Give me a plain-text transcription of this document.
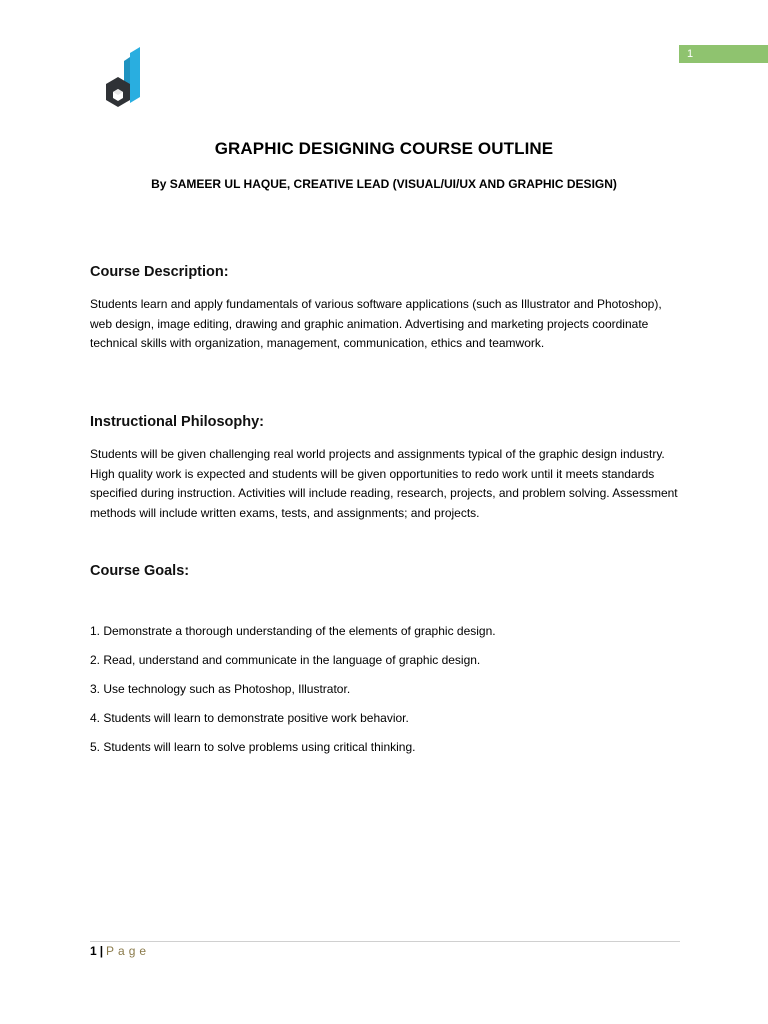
1
GRAPHIC DESIGNING COURSE OUTLINE
By SAMEER UL HAQUE, CREATIVE LEAD (VISUAL/UI/UX AND GRAPHIC DESIGN)
Course Description:
Students learn and apply fundamentals of various software applications (such as Illustrator and Photoshop), web design, image editing, drawing and graphic animation. Advertising and marketing projects coordinate technical skills with organization, management, communication, ethics and teamwork.
Instructional Philosophy:
Students will be given challenging real world projects and assignments typical of the graphic design industry. High quality work is expected and students will be given opportunities to redo work until it meets standards specified during instruction. Activities will include reading, research, projects, and problem solving. Assessment methods will include written exams, tests, and assignments; and projects.
Course Goals:
1. Demonstrate a thorough understanding of the elements of graphic design.
2. Read, understand and communicate in the language of graphic design.
3. Use technology such as Photoshop, Illustrator.
4. Students will learn to demonstrate positive work behavior.
5. Students will learn to solve problems using critical thinking.
1 | Page
